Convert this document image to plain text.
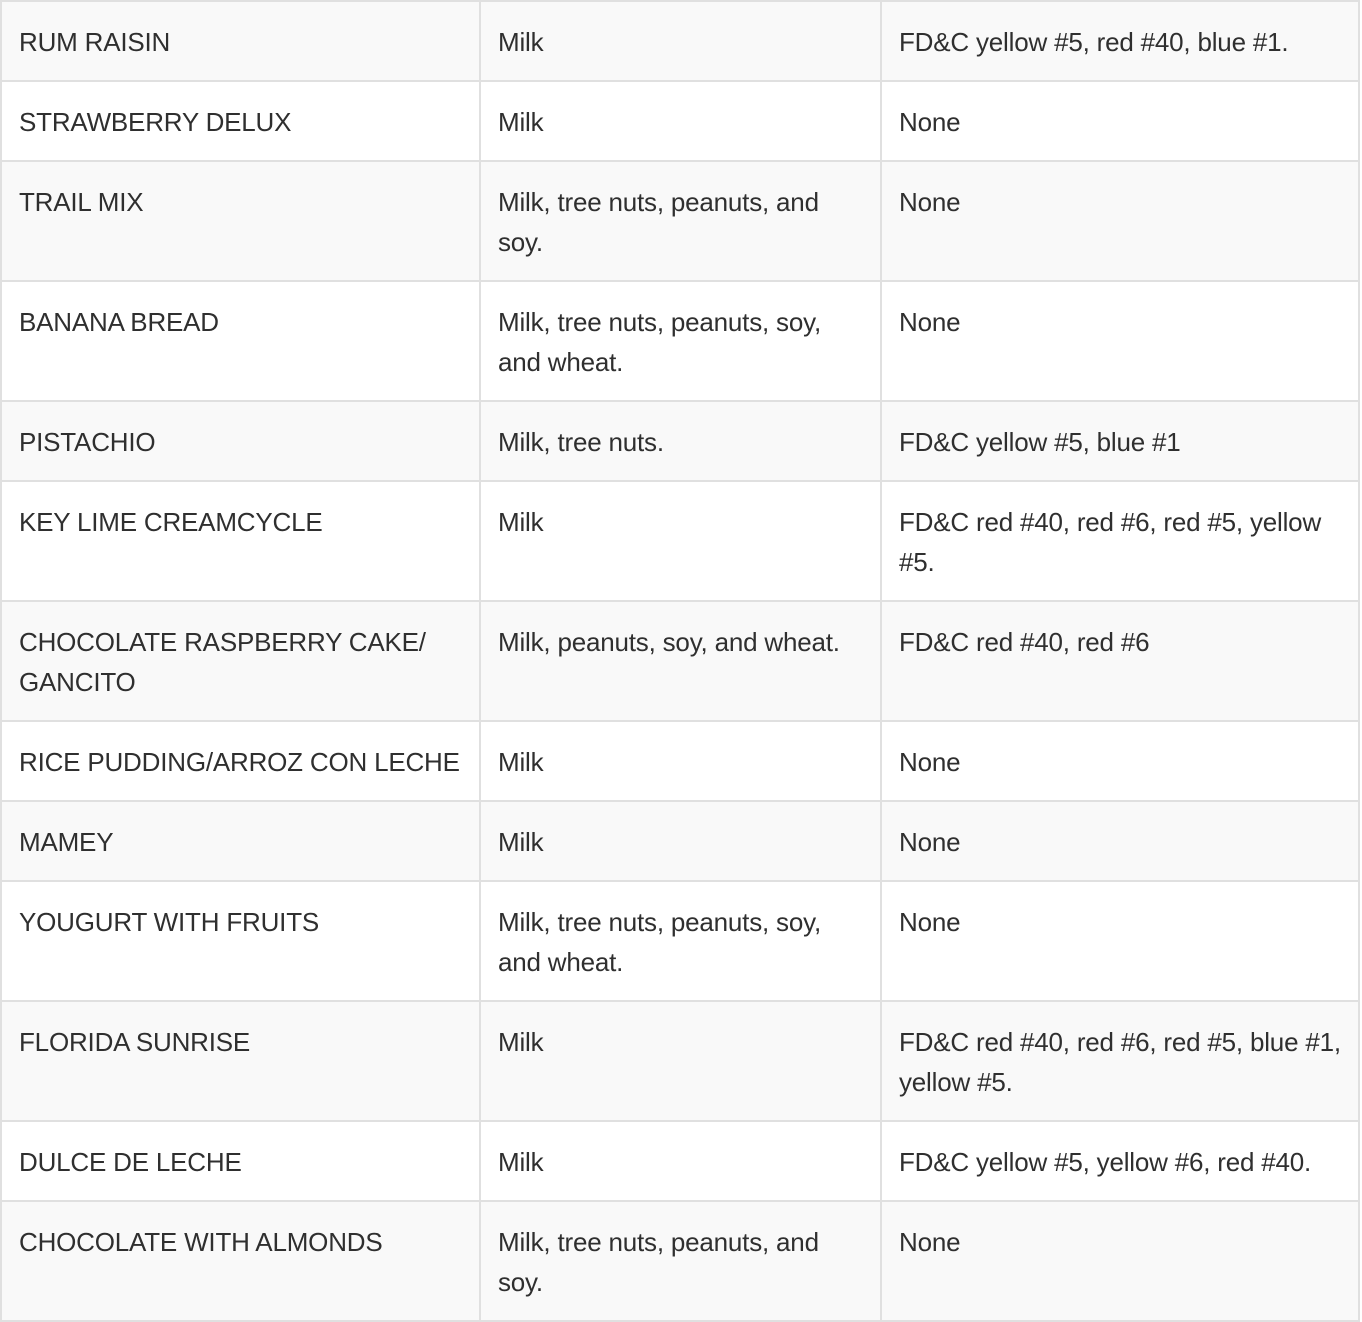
RUM RAISIN	Milk	FD&C yellow #5, red #40, blue #1.
STRAWBERRY DELUX	Milk	None
TRAIL MIX	Milk, tree nuts, peanuts, and soy.	None
BANANA BREAD	Milk, tree nuts, peanuts, soy, and wheat.	None
PISTACHIO	Milk, tree nuts.	FD&C yellow #5, blue #1
KEY LIME CREAMCYCLE	Milk	FD&C red #40, red #6, red #5, yellow #5.
CHOCOLATE RASPBERRY CAKE/ GANCITO	Milk, peanuts, soy, and wheat.	FD&C red #40, red #6
RICE PUDDING/ARROZ CON LECHE	Milk	None
MAMEY	Milk	None
YOUGURT WITH FRUITS	Milk, tree nuts, peanuts, soy, and wheat.	None
FLORIDA SUNRISE	Milk	FD&C red #40, red #6, red #5, blue #1, yellow #5.
DULCE DE LECHE	Milk	FD&C yellow #5, yellow #6, red #40.
CHOCOLATE WITH ALMONDS	Milk, tree nuts, peanuts, and soy.	None
